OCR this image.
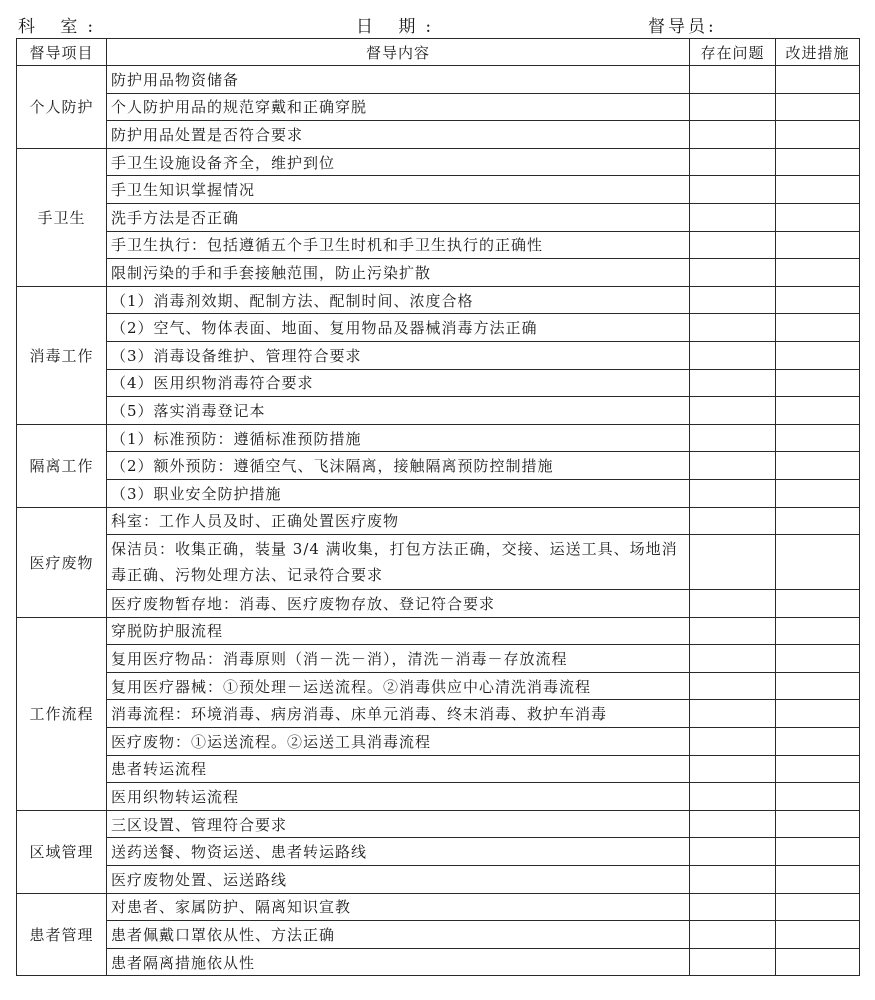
科 室:	日 期:	督导员:
督导项目	督导内容	存在问题	改进措施
个人防护	防护用品物资储备		
	个人防护用品的规范穿戴和正确穿脱		
	防护用品处置是否符合要求		
手卫生	手卫生设施设备齐全，维护到位		
	手卫生知识掌握情况		
	洗手方法是否正确		
	手卫生执行：包括遵循五个手卫生时机和手卫生执行的正确性		
	限制污染的手和手套接触范围，防止污染扩散		
消毒工作	（1）消毒剂效期、配制方法、配制时间、浓度合格		
	（2）空气、物体表面、地面、复用物品及器械消毒方法正确		
	（3）消毒设备维护、管理符合要求		
	（4）医用织物消毒符合要求		
	（5）落实消毒登记本		
隔离工作	（1）标准预防：遵循标准预防措施		
	（2）额外预防：遵循空气、飞沫隔离，接触隔离预防控制措施		
	（3）职业安全防护措施		
医疗废物	科室：工作人员及时、正确处置医疗废物		
	保洁员：收集正确，装量 3/4 满收集，打包方法正确，交接、运送工具、场地消毒正确、污物处理方法、记录符合要求		
	医疗废物暂存地：消毒、医疗废物存放、登记符合要求		
工作流程	穿脱防护服流程		
	复用医疗物品：消毒原则（消－洗－消），清洗－消毒－存放流程		
	复用医疗器械：①预处理－运送流程。②消毒供应中心清洗消毒流程		
	消毒流程：环境消毒、病房消毒、床单元消毒、终末消毒、救护车消毒		
	医疗废物：①运送流程。②运送工具消毒流程		
	患者转运流程		
	医用织物转运流程		
区域管理	三区设置、管理符合要求		
	送药送餐、物资运送、患者转运路线		
	医疗废物处置、运送路线		
患者管理	对患者、家属防护、隔离知识宣教		
	患者佩戴口罩依从性、方法正确		
	患者隔离措施依从性		
